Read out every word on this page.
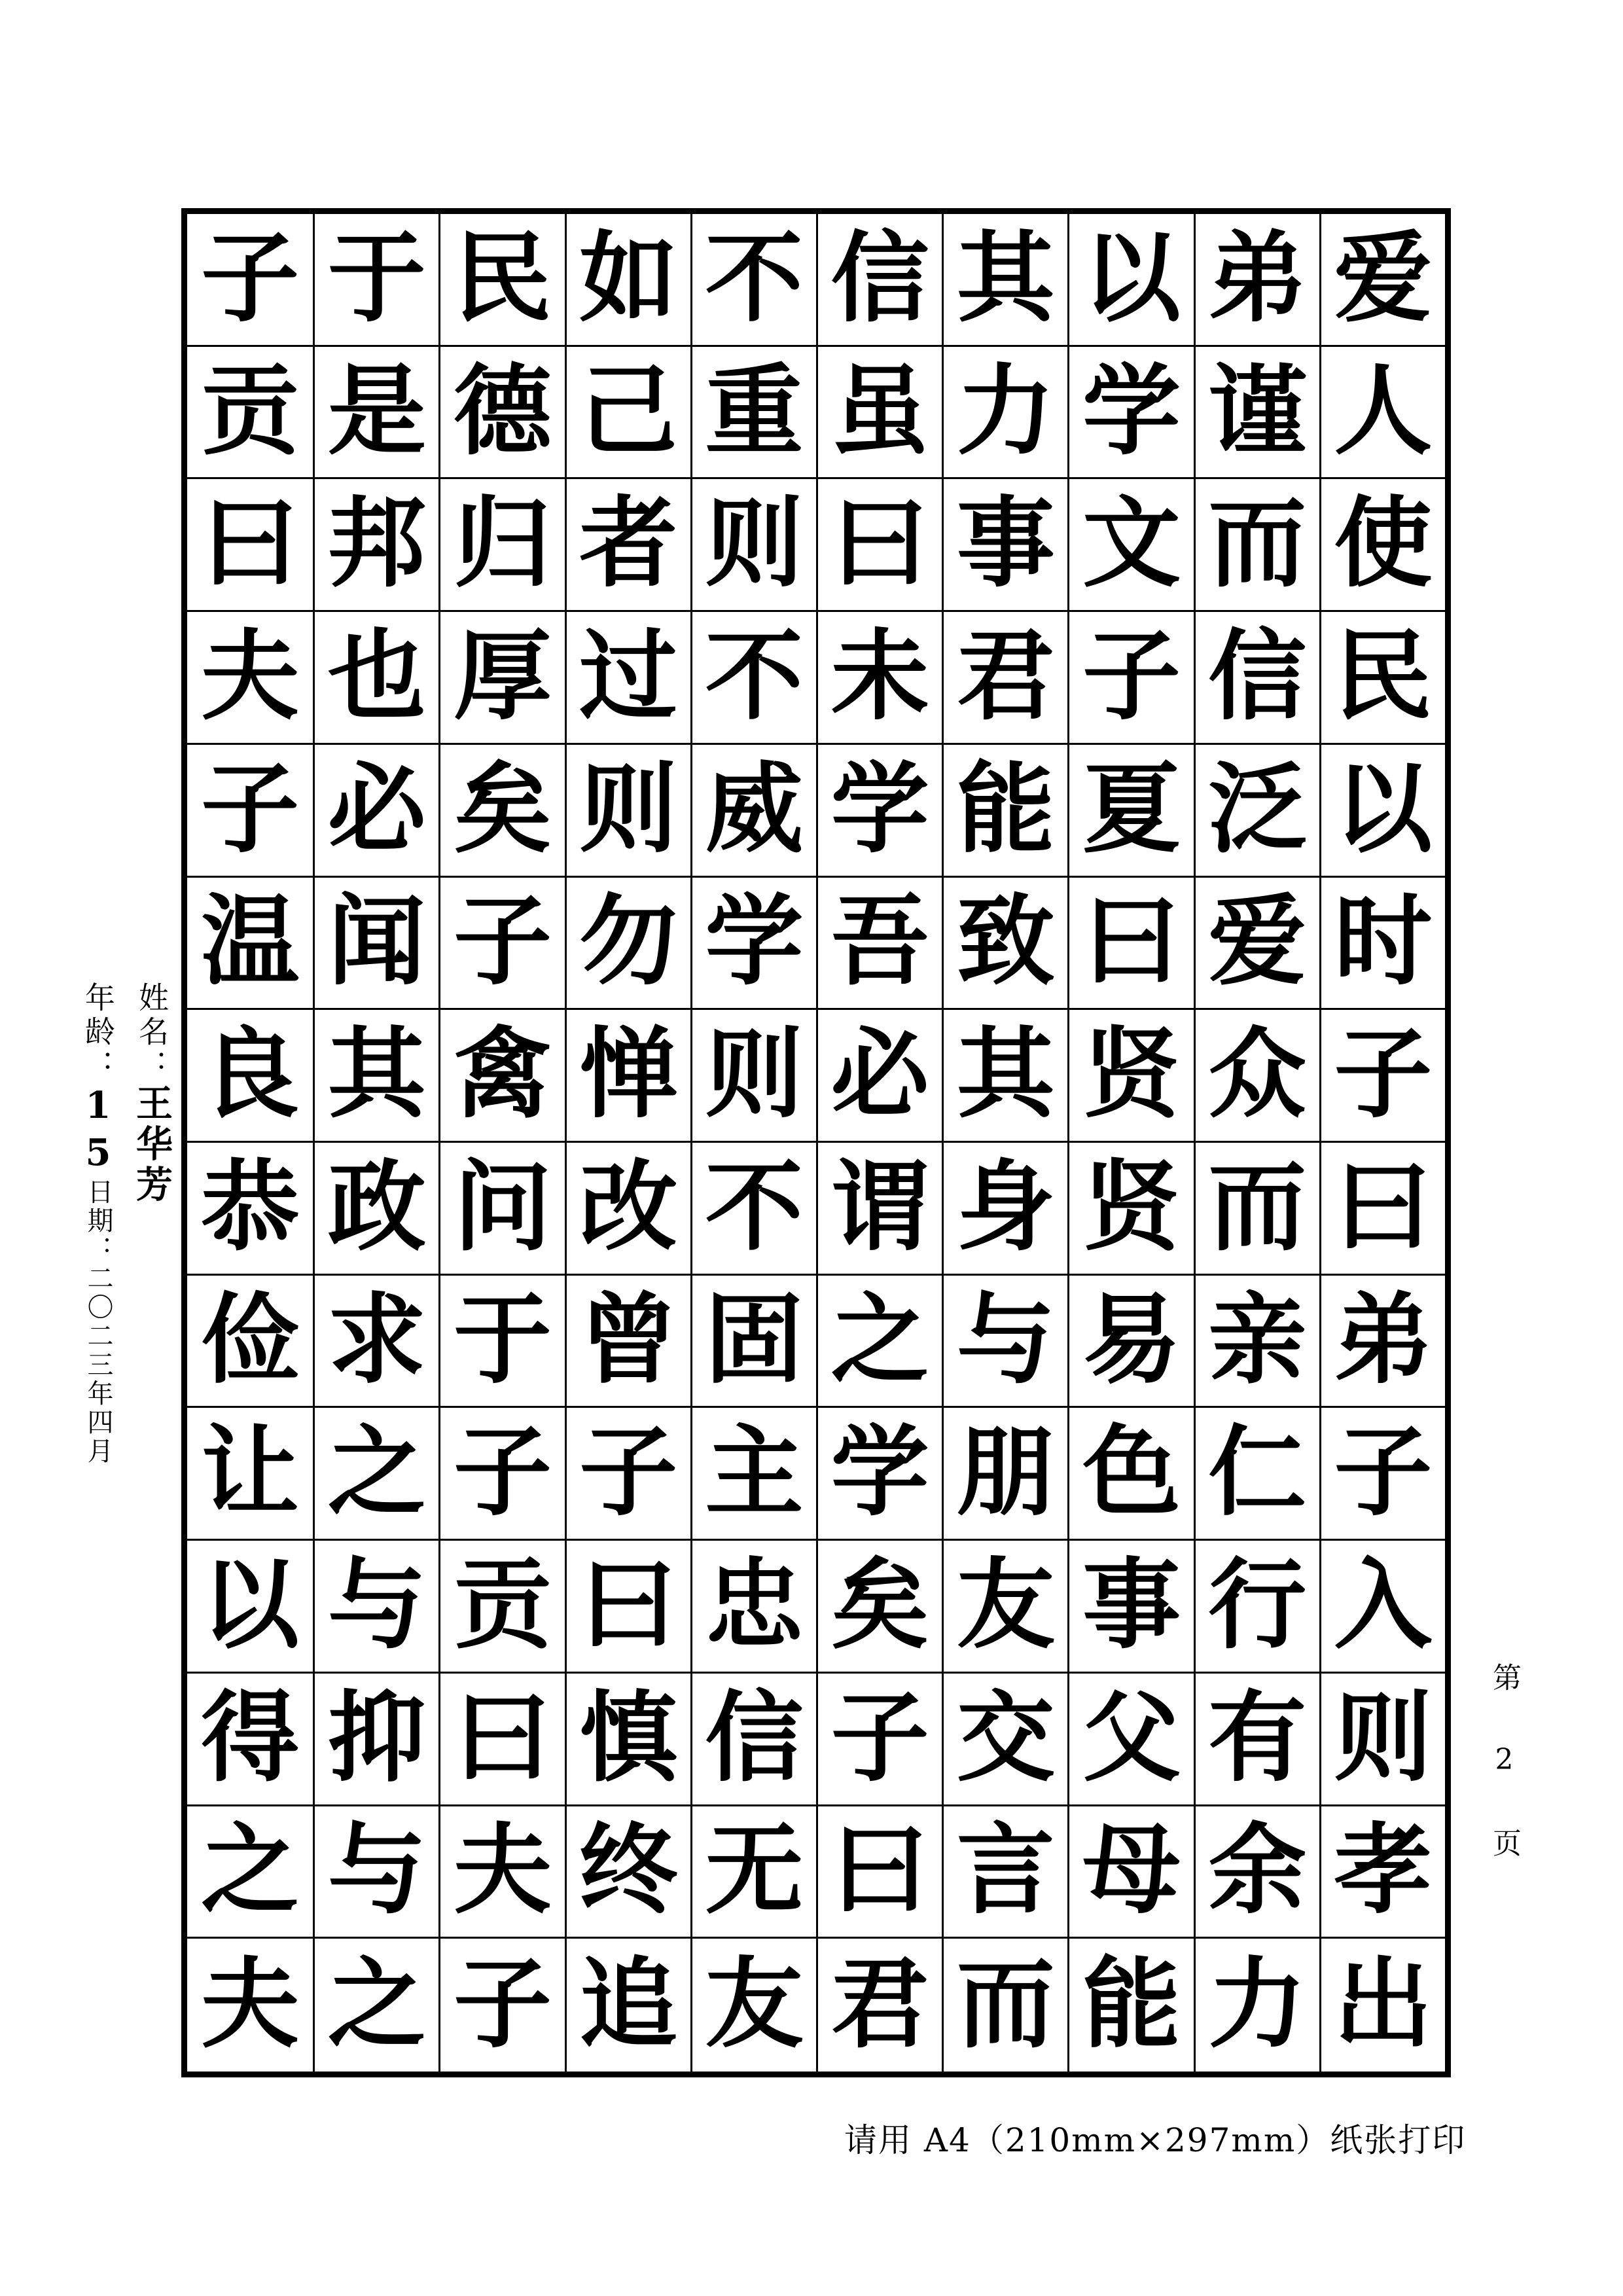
爱
弟
以
其
信
不
如
民
于
子
人
谨
学
力
虽
重
己
德
是
贡
使
而
文
事
曰
则
者
归
邦
曰
民
信
子
君
未
不
过
厚
也
夫
以
泛
夏
能
学
威
则
矣
必
子
时
爱
曰
致
吾
学
勿
子
闻
温
子
众
贤
其
必
则
惮
禽
其
良
曰
而
贤
身
谓
不
改
问
政
恭
弟
亲
易
与
之
固
曾
于
求
俭
子
仁
色
朋
学
主
子
子
之
让
入
行
事
友
矣
忠
曰
贡
与
以
则
有
父
交
子
信
慎
曰
抑
得
孝
余
母
言
曰
无
终
夫
与
之
出
力
能
而
君
友
追
子
之
夫
姓名：
王华芳
年龄：
15
日期：
二〇二三年四月
第 2 页
请用 A4（210mm×297mm）纸张打印
